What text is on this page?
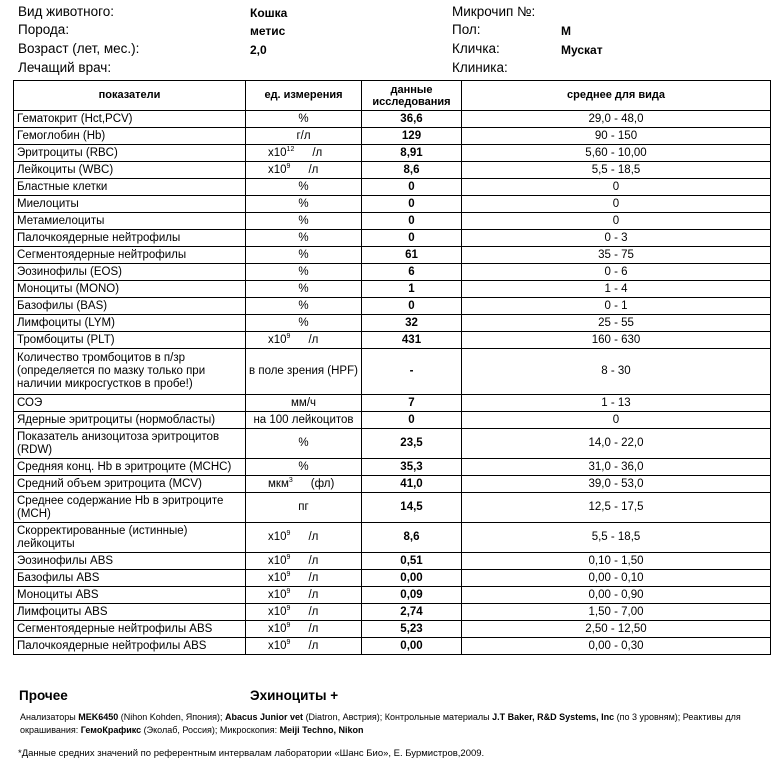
Вид животного:	Кошка
Порода:	метис
Возраст (лет, мес.):	2,0
Лечащий врач:
Микрочип №:
Пол:	М
Кличка:	Мускат
Клиника:
показатели	ед. измерения	данные исследования	среднее для вида
Гематокрит (Hct,PCV)	%	36,6	29,0 - 48,0
Гемоглобин (Hb)	г/л	129	90 - 150
Эритроциты (RBC)	$x10^{12}$ /л	8,91	5,60 - 10,00
Лейкоциты (WBC)	$x10^9$ /л	8,6	5,5 - 18,5
Бластные клетки	%	0	0
Миелоциты	%	0	0
Метамиелоциты	%	0	0
Палочкоядерные нейтрофилы	%	0	0 - 3
Сегментоядерные нейтрофилы	%	61	35 - 75
Эозинофилы (EOS)	%	6	0 - 6
Моноциты (MONO)	%	1	1 - 4
Базофилы (BAS)	%	0	0 - 1
Лимфоциты (LYM)	%	32	25 - 55
Тромбоциты (PLT)	$x10^9$ /л	431	160 - 630
Количество тромбоцитов в п/зр (определяется по мазку только при наличии микросгустков в пробе!)	в поле зрения (HPF)	-	8 - 30
СОЭ	мм/ч	7	1 - 13
Ядерные эритроциты (нормобласты)	на 100 лейкоцитов	0	0
Показатель анизоцитоза эритроцитов (RDW)	%	23,5	14,0 - 22,0
Средняя конц. Hb в эритроците (MCHC)	%	35,3	31,0 - 36,0
Средний объем эритроцита (MCV)	мкм$^3$ (фл)	41,0	39,0 - 53,0
Среднее содержание Hb в эритроците (MCH)	пг	14,5	12,5 - 17,5
Скорректированные (истинные) лейкоциты	$x10^9$ /л	8,6	5,5 - 18,5
Эозинофилы ABS	$x10^9$ /л	0,51	0,10 - 1,50
Базофилы ABS	$x10^9$ /л	0,00	0,00 - 0,10
Моноциты ABS	$x10^9$ /л	0,09	0,00 - 0,90
Лимфоциты ABS	$x10^9$ /л	2,74	1,50 - 7,00
Сегментоядерные нейтрофилы ABS	$x10^9$ /л	5,23	2,50 - 12,50
Палочкоядерные нейтрофилы ABS	$x10^9$ /л	0,00	0,00 - 0,30
Прочее	Эхиноциты +
Анализаторы MEK6450 (Nihon Kohden, Япония); Abacus Junior vet (Diatron, Австрия); Контрольные материалы J.T Baker, R&D Systems, Inc (по 3 уровням); Реактивы для окрашивания: ГемоКрафикс (Эколаб, Россия); Микроскопия: Meiji Techno, Nikon
*Данные средних значений по референтным интервалам лаборатории «Шанс Био», Е. Бурмистров,2009.
